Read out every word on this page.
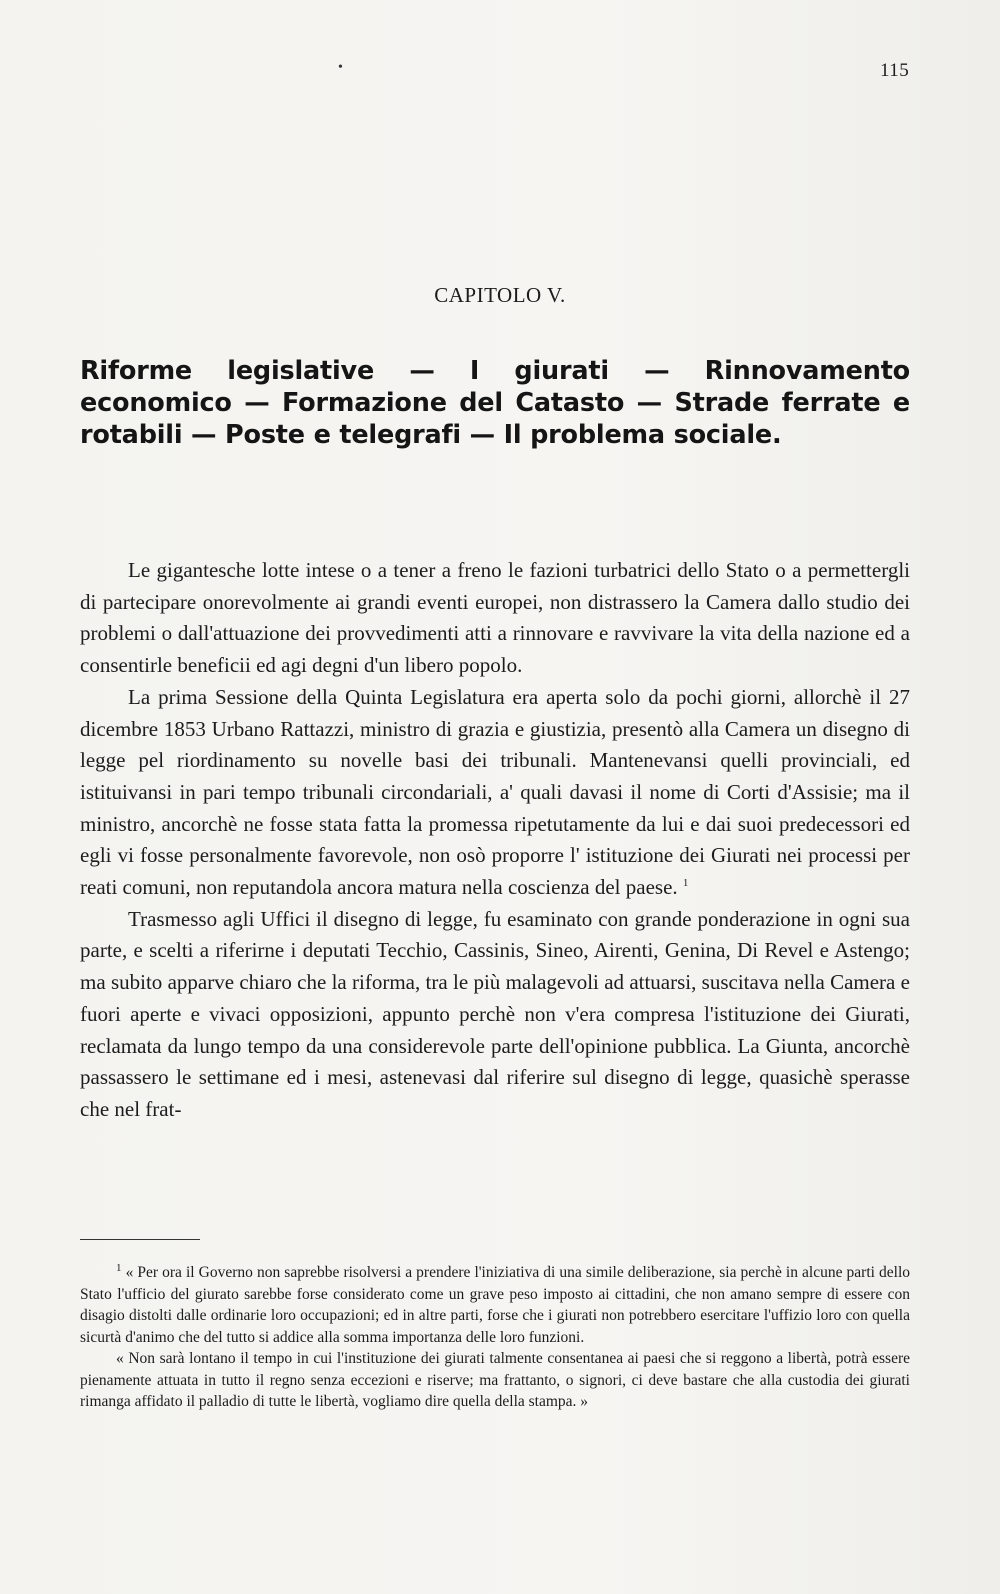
•	115
CAPITOLO V.
Riforme legislative — I giurati — Rinnovamento economico — Formazione del Catasto — Strade ferrate e rotabili — Poste e telegrafi — Il problema sociale.

Le gigantesche lotte intese o a tener a freno le fazioni turbatrici dello Stato o a permettergli di partecipare onorevolmente ai grandi eventi europei, non distrassero la Camera dallo studio dei problemi o dall'attuazione dei provvedimenti atti a rinnovare e ravvivare la vita della nazione ed a consentirle beneficii ed agi degni d'un libero popolo.

La prima Sessione della Quinta Legislatura era aperta solo da pochi giorni, allorchè il 27 dicembre 1853 Urbano Rattazzi, ministro di grazia e giustizia, presentò alla Camera un disegno di legge pel riordinamento su novelle basi dei tribunali. Mantenevansi quelli provinciali, ed istituivansi in pari tempo tribunali circondariali, a' quali davasi il nome di Corti d'Assisie; ma il ministro, ancorchè ne fosse stata fatta la promessa ripetutamente da lui e dai suoi predecessori ed egli vi fosse personalmente favorevole, non osò proporre l' istituzione dei Giurati nei processi per reati comuni, non reputandola ancora matura nella coscienza del paese. $^1$

Trasmesso agli Uffici il disegno di legge, fu esaminato con grande ponderazione in ogni sua parte, e scelti a riferirne i deputati Tecchio, Cassinis, Sineo, Airenti, Genina, Di Revel e Astengo; ma subito apparve chiaro che la riforma, tra le più malagevoli ad attuarsi, suscitava nella Camera e fuori aperte e vivaci opposizioni, appunto perchè non v'era compresa l'istituzione dei Giurati, reclamata da lungo tempo da una considerevole parte dell'opinione pubblica. La Giunta, ancorchè passassero le settimane ed i mesi, astenevasi dal riferire sul disegno di legge, quasichè sperasse che nel frat-

$^1$ « Per ora il Governo non saprebbe risolversi a prendere l'iniziativa di una simile deliberazione, sia perchè in alcune parti dello Stato l'ufficio del giurato sarebbe forse considerato come un grave peso imposto ai cittadini, che non amano sempre di essere con disagio distolti dalle ordinarie loro occupazioni; ed in altre parti, forse che i giurati non potrebbero esercitare l'uffizio loro con quella sicurtà d'animo che del tutto si addice alla somma importanza delle loro funzioni.

« Non sarà lontano il tempo in cui l'instituzione dei giurati talmente consentanea ai paesi che si reggono a libertà, potrà essere pienamente attuata in tutto il regno senza eccezioni e riserve; ma frattanto, o signori, ci deve bastare che alla custodia dei giurati rimanga affidato il palladio di tutte le libertà, vogliamo dire quella della stampa. »
